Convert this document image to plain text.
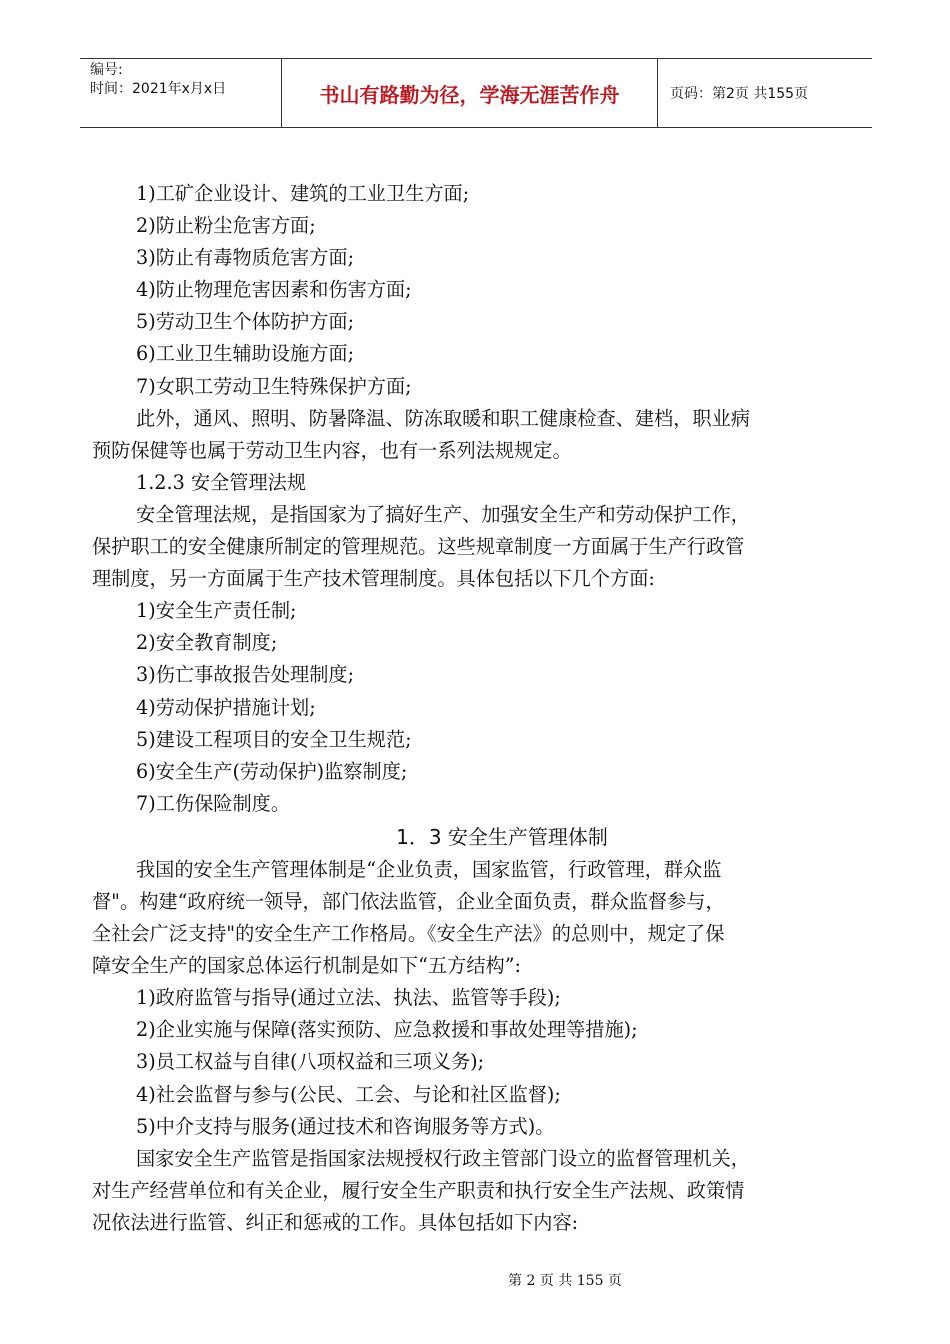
编号:
时间：2021年x月x日	书山有路勤为径，学海无涯苦作舟	页码：第2页 共155页
1)工矿企业设计、建筑的工业卫生方面;
2)防止粉尘危害方面;
3)防止有毒物质危害方面;
4)防止物理危害因素和伤害方面;
5)劳动卫生个体防护方面;
6)工业卫生辅助设施方面;
7)女职工劳动卫生特殊保护方面;
此外，通风、照明、防暑降温、防冻取暖和职工健康检查、建档，职业病
预防保健等也属于劳动卫生内容，也有一系列法规规定。
1.2.3 安全管理法规
安全管理法规，是指国家为了搞好生产、加强安全生产和劳动保护工作，
保护职工的安全健康所制定的管理规范。这些规章制度一方面属于生产行政管
理制度，另一方面属于生产技术管理制度。具体包括以下几个方面:
1)安全生产责任制;
2)安全教育制度;
3)伤亡事故报告处理制度;
4)劳动保护措施计划;
5)建设工程项目的安全卫生规范;
6)安全生产(劳动保护)监察制度;
7)工伤保险制度。
1．3 安全生产管理体制
我国的安全生产管理体制是“企业负责，国家监管，行政管理，群众监
督"。构建“政府统一领导，部门依法监管，企业全面负责，群众监督参与，
全社会广泛支持"的安全生产工作格局。《安全生产法》的总则中，规定了保
障安全生产的国家总体运行机制是如下“五方结构”:
1)政府监管与指导(通过立法、执法、监管等手段);
2)企业实施与保障(落实预防、应急救援和事故处理等措施);
3)员工权益与自律(八项权益和三项义务);
4)社会监督与参与(公民、工会、与论和社区监督);
5)中介支持与服务(通过技术和咨询服务等方式)。
国家安全生产监管是指国家法规授权行政主管部门设立的监督管理机关，
对生产经营单位和有关企业，履行安全生产职责和执行安全生产法规、政策情
况依法进行监管、纠正和惩戒的工作。具体包括如下内容:
第 2 页 共 155 页
